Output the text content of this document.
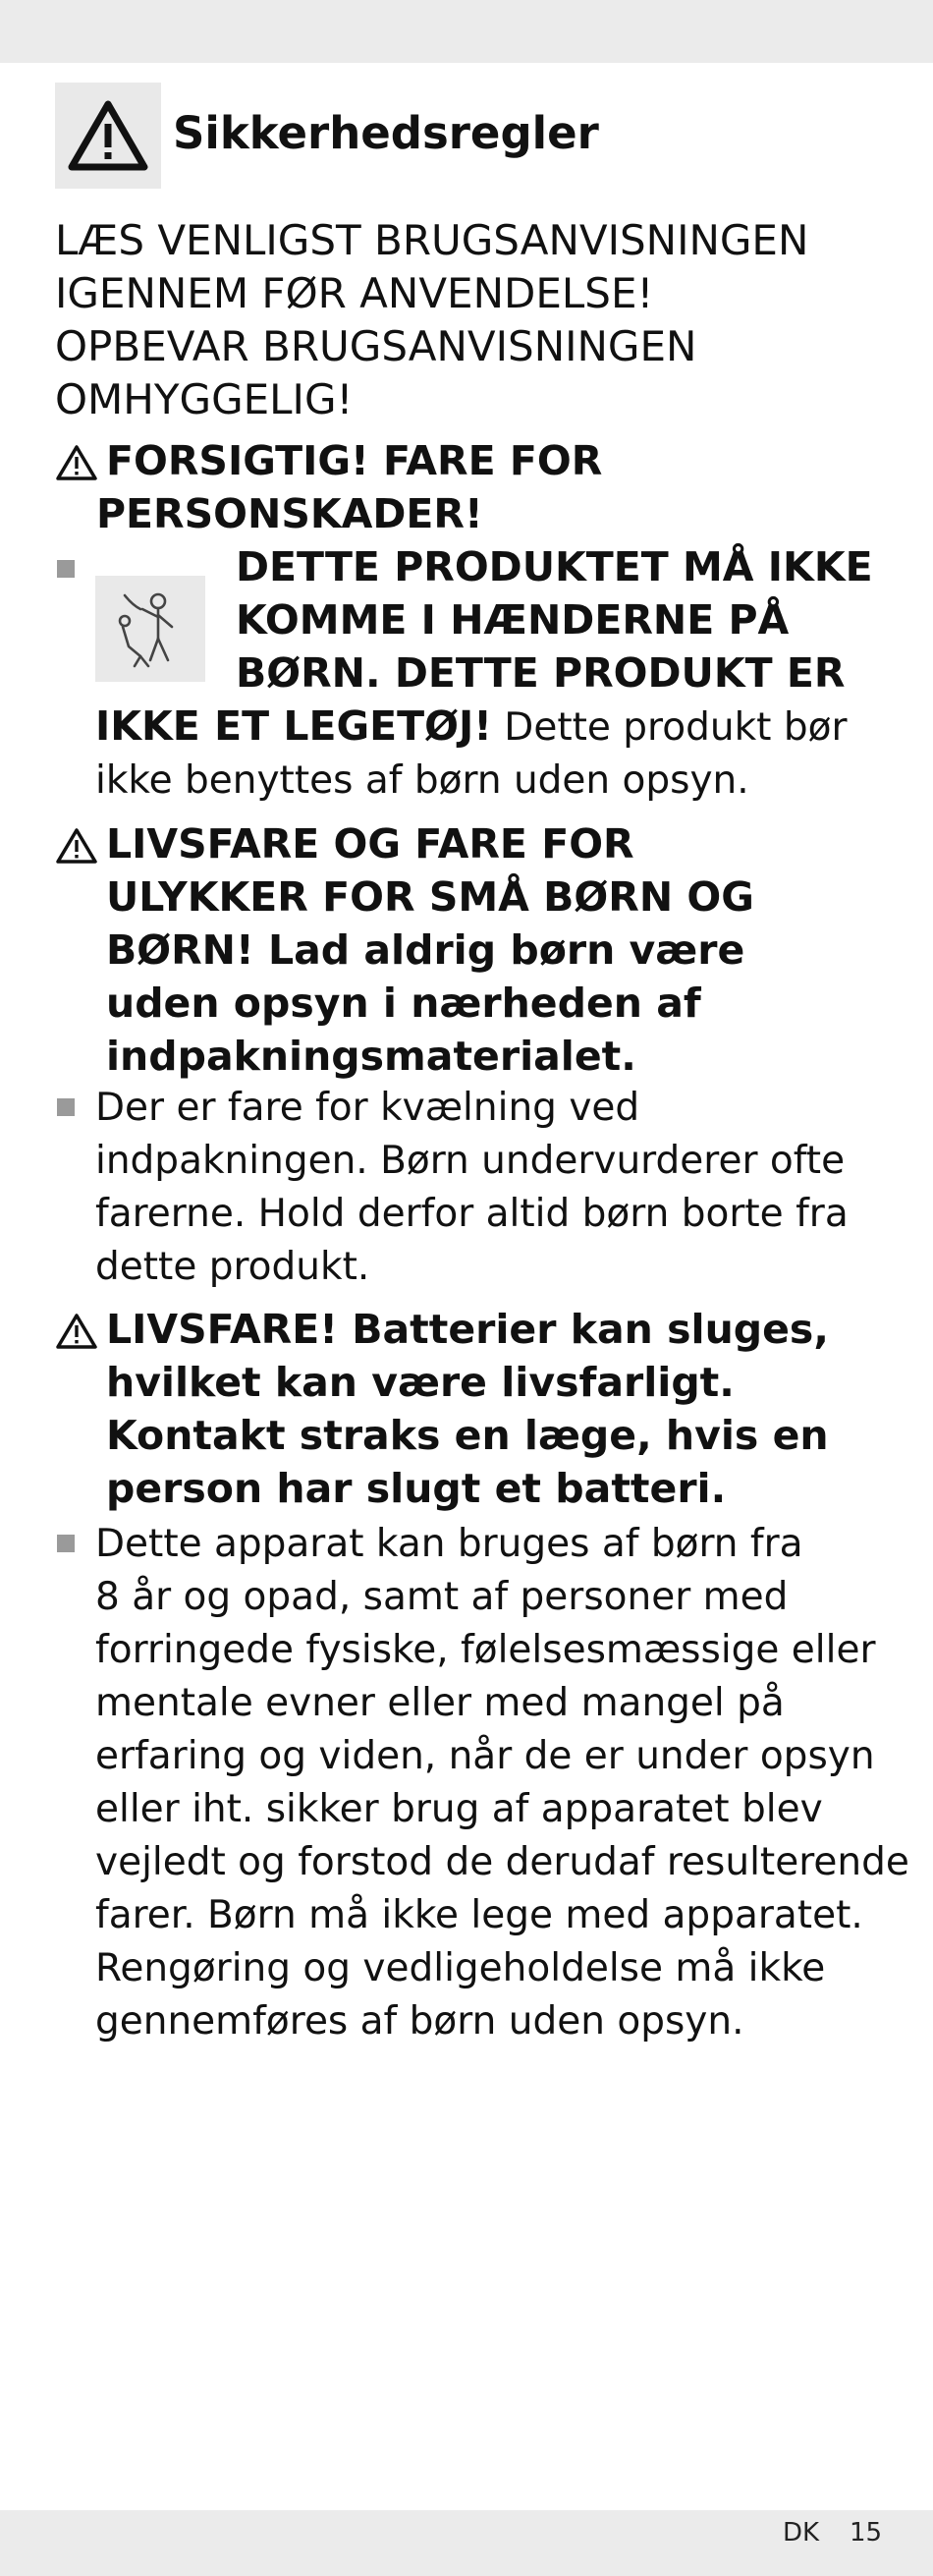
Sikkerhedsregler

LÆS VENLIGST BRUGSANVISNINGEN

IGENNEM FØR ANVENDELSE!

OPBEVAR BRUGSANVISNINGEN

OMHYGGELIG!

FORSIGTIG! FARE FOR
PERSONSKADER!

DETTE PRODUKTET MÅ IKKE

KOMME I HÆNDERNE PÅ

BØRN. DETTE PRODUKT ER

IKKE ET LEGETØJ! Dette produkt bør

ikke benyttes af børn uden opsyn.

LIVSFARE OG FARE FOR
ULYKKER FOR SMÅ BØRN OG
BØRN! Lad aldrig børn være
uden opsyn i nærheden af
indpakningsmaterialet.

Der er fare for kvælning ved

indpakningen. Børn undervurderer ofte

farerne. Hold derfor altid børn borte fra

dette produkt.

LIVSFARE! Batterier kan sluges,
hvilket kan være livsfarligt.
Kontakt straks en læge, hvis en
person har slugt et batteri.

Dette apparat kan bruges af børn fra

8 år og opad, samt af personer med

forringede fysiske, følelsesmæssige eller

mentale evner eller med mangel på

erfaring og viden, når de er under opsyn

eller iht. sikker brug af apparatet blev

vejledt og forstod de derudaf resulterende

farer. Børn må ikke lege med apparatet.

Rengøring og vedligeholdelse må ikke

gennemføres af børn uden opsyn.

DK 15
